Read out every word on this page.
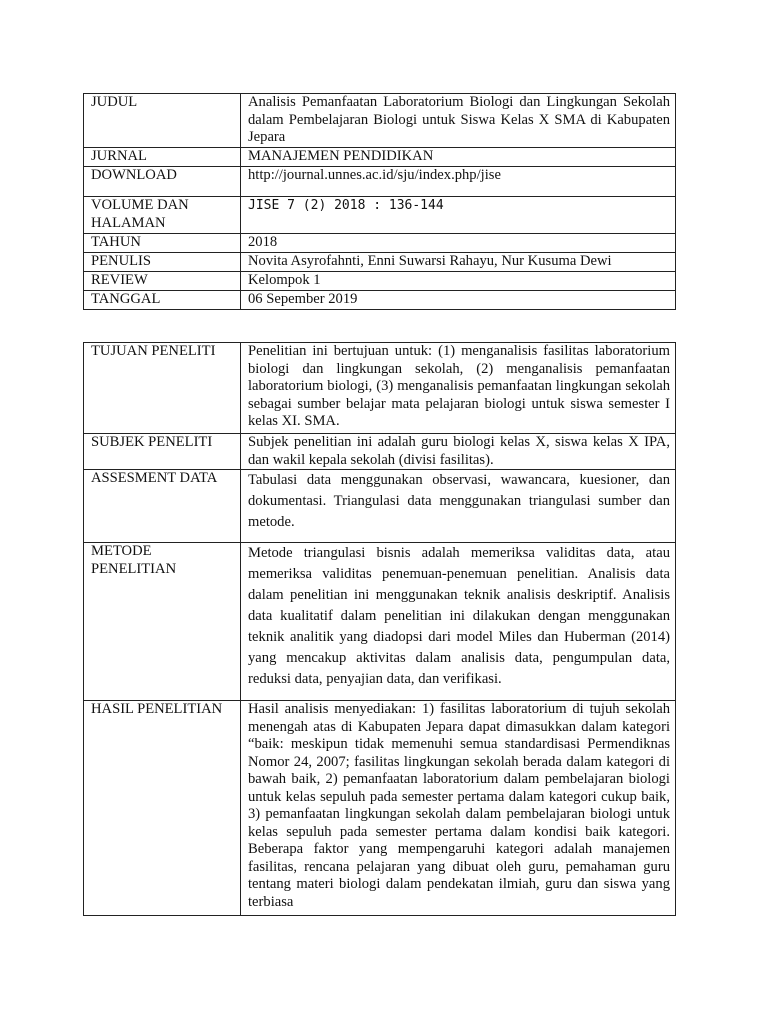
JUDUL	Analisis Pemanfaatan Laboratorium Biologi dan Lingkungan Sekolah dalam Pembelajaran Biologi untuk Siswa Kelas X SMA di Kabupaten Jepara
JURNAL	MANAJEMEN PENDIDIKAN
DOWNLOAD	http://journal.unnes.ac.id/sju/index.php/jise
VOLUME DAN HALAMAN	JISE 7 (2) 2018 : 136-144
TAHUN	2018
PENULIS	Novita Asyrofahnti, Enni Suwarsi Rahayu, Nur Kusuma Dewi
REVIEW	Kelompok 1
TANGGAL	06 Sepember 2019
TUJUAN PENELITI	Penelitian ini bertujuan untuk: (1) menganalisis fasilitas laboratorium biologi dan lingkungan sekolah, (2) menganalisis pemanfaatan laboratorium biologi, (3) menganalisis pemanfaatan lingkungan sekolah sebagai sumber belajar mata pelajaran biologi untuk siswa semester I kelas XI. SMA.
SUBJEK PENELITI	Subjek penelitian ini adalah guru biologi kelas X, siswa kelas X IPA, dan wakil kepala sekolah (divisi fasilitas).
ASSESMENT DATA	Tabulasi data menggunakan observasi, wawancara, kuesioner, dan dokumentasi. Triangulasi data menggunakan triangulasi sumber dan metode.
METODE PENELITIAN	Metode triangulasi bisnis adalah memeriksa validitas data, atau memeriksa validitas penemuan-penemuan penelitian. Analisis data dalam penelitian ini menggunakan teknik analisis deskriptif. Analisis data kualitatif dalam penelitian ini dilakukan dengan menggunakan teknik analitik yang diadopsi dari model Miles dan Huberman (2014) yang mencakup aktivitas dalam analisis data, pengumpulan data, reduksi data, penyajian data, dan verifikasi.
HASIL PENELITIAN	Hasil analisis menyediakan: 1) fasilitas laboratorium di tujuh sekolah menengah atas di Kabupaten Jepara dapat dimasukkan dalam kategori “baik: meskipun tidak memenuhi semua standardisasi Permendiknas Nomor 24, 2007; fasilitas lingkungan sekolah berada dalam kategori di bawah baik, 2) pemanfaatan laboratorium dalam pembelajaran biologi untuk kelas sepuluh pada semester pertama dalam kategori cukup baik, 3) pemanfaatan lingkungan sekolah dalam pembelajaran biologi untuk kelas sepuluh pada semester pertama dalam kondisi baik kategori. Beberapa faktor yang mempengaruhi kategori adalah manajemen fasilitas, rencana pelajaran yang dibuat oleh guru, pemahaman guru tentang materi biologi dalam pendekatan ilmiah, guru dan siswa yang terbiasa
